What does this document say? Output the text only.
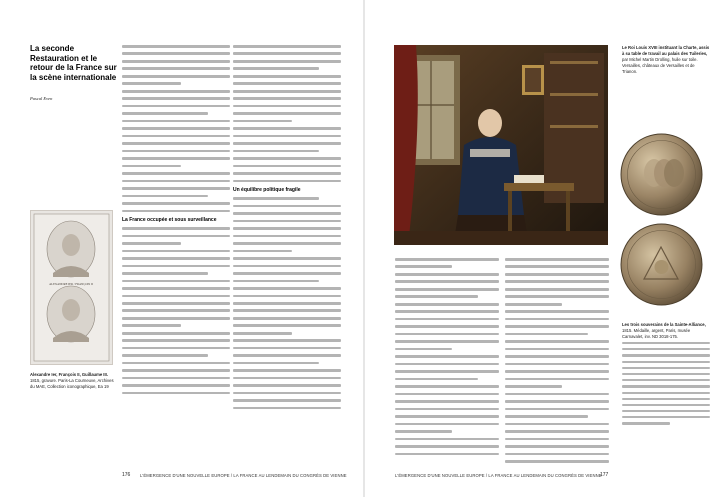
La seconde Restauration et le retour de la France sur la scène internationale
Pascal Even
ALEXANDRE IER / FRANÇOIS II
Alexandre Ier, François II, Guillaume III. 1815, gravure. Paris-La Courneuve, Archives du MAE, Collection iconographique, Ea 19
La France occupée et sous surveillance
Un équilibre politique fragile
176 L'ÉMERGENCE D'UNE NOUVELLE EUROPE / LA FRANCE AU LENDEMAIN DU CONGRÈS DE VIENNE
Le Roi Louis XVIII instituant la Charte, assis à sa table de travail au palais des Tuileries, par Michel Martin Drolling, huile sur toile. Versailles, châteaux de Versailles et de Trianon.
Les trois souverains de la Sainte-Alliance, 1815. Médaille, argent, Paris, musée Carnavalet, inv. ND 3018-175.
L'ÉMERGENCE D'UNE NOUVELLE EUROPE / LA FRANCE AU LENDEMAIN DU CONGRÈS DE VIENNE
177
